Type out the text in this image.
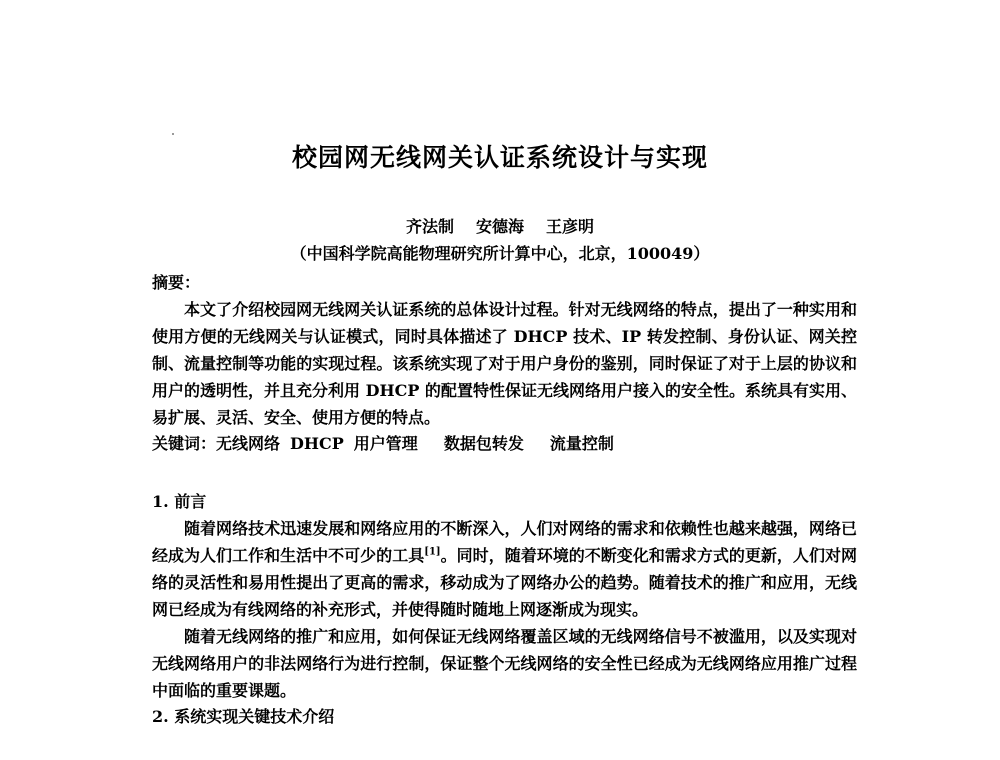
校园网无线网关认证系统设计与实现
齐法制 安德海 王彦明
（中国科学院高能物理研究所计算中心，北京，100049）
摘要：

本文了介绍校园网无线网关认证系统的总体设计过程。针对无线网络的特点，提出了一种实用和使用方便的无线网关与认证模式，同时具体描述了 DHCP 技术、IP 转发控制、身份认证、网关控制、流量控制等功能的实现过程。该系统实现了对于用户身份的鉴别，同时保证了对于上层的协议和用户的透明性，并且充分利用 DHCP 的配置特性保证无线网络用户接入的安全性。系统具有实用、易扩展、灵活、安全、使用方便的特点。

关键词：无线网络 DHCP 用户管理 数据包转发 流量控制
1. 前言

随着网络技术迅速发展和网络应用的不断深入，人们对网络的需求和依赖性也越来越强，网络已经成为人们工作和生活中不可少的工具[1]。同时，随着环境的不断变化和需求方式的更新，人们对网络的灵活性和易用性提出了更高的需求，移动成为了网络办公的趋势。随着技术的推广和应用，无线网已经成为有线网络的补充形式，并使得随时随地上网逐渐成为现实。

随着无线网络的推广和应用，如何保证无线网络覆盖区域的无线网络信号不被滥用，以及实现对无线网络用户的非法网络行为进行控制，保证整个无线网络的安全性已经成为无线网络应用推广过程中面临的重要课题。

2. 系统实现关键技术介绍
